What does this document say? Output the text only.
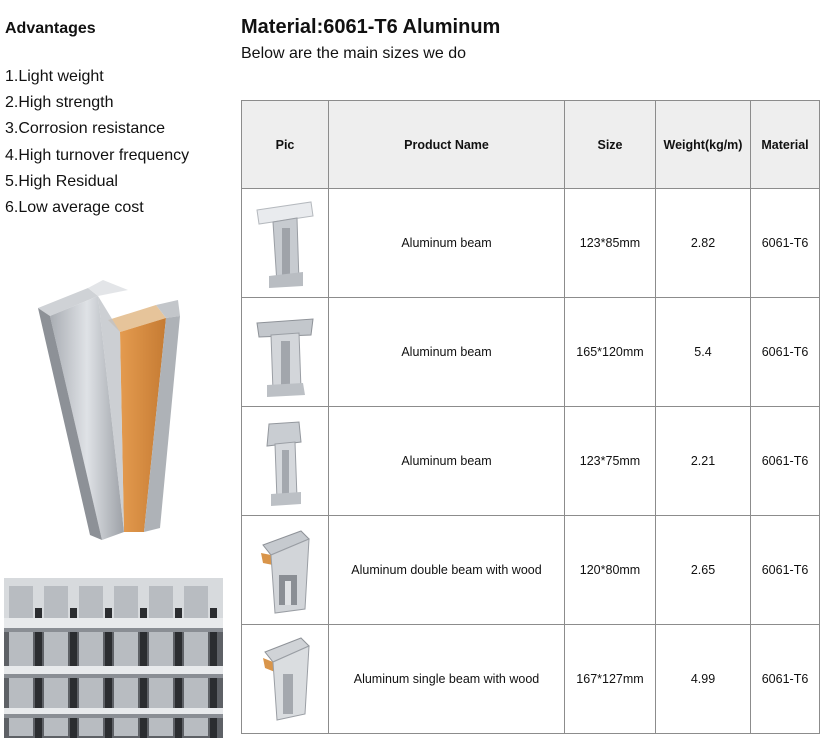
Advantages
1.Light weight
2.High strength
3.Corrosion resistance
4.High turnover frequency
5.High Residual
6.Low average cost
Material:6061-T6 Aluminum
Below are the main sizes we do
Pic	Product Name	Size	Weight(kg/m)	Material

	Aluminum beam	123*85mm	2.82	6061-T6

	Aluminum beam	165*120mm	5.4	6061-T6

	Aluminum beam	123*75mm	2.21	6061-T6

	Aluminum double beam with wood	120*80mm	2.65	6061-T6

	Aluminum single beam with wood	167*127mm	4.99	6061-T6
